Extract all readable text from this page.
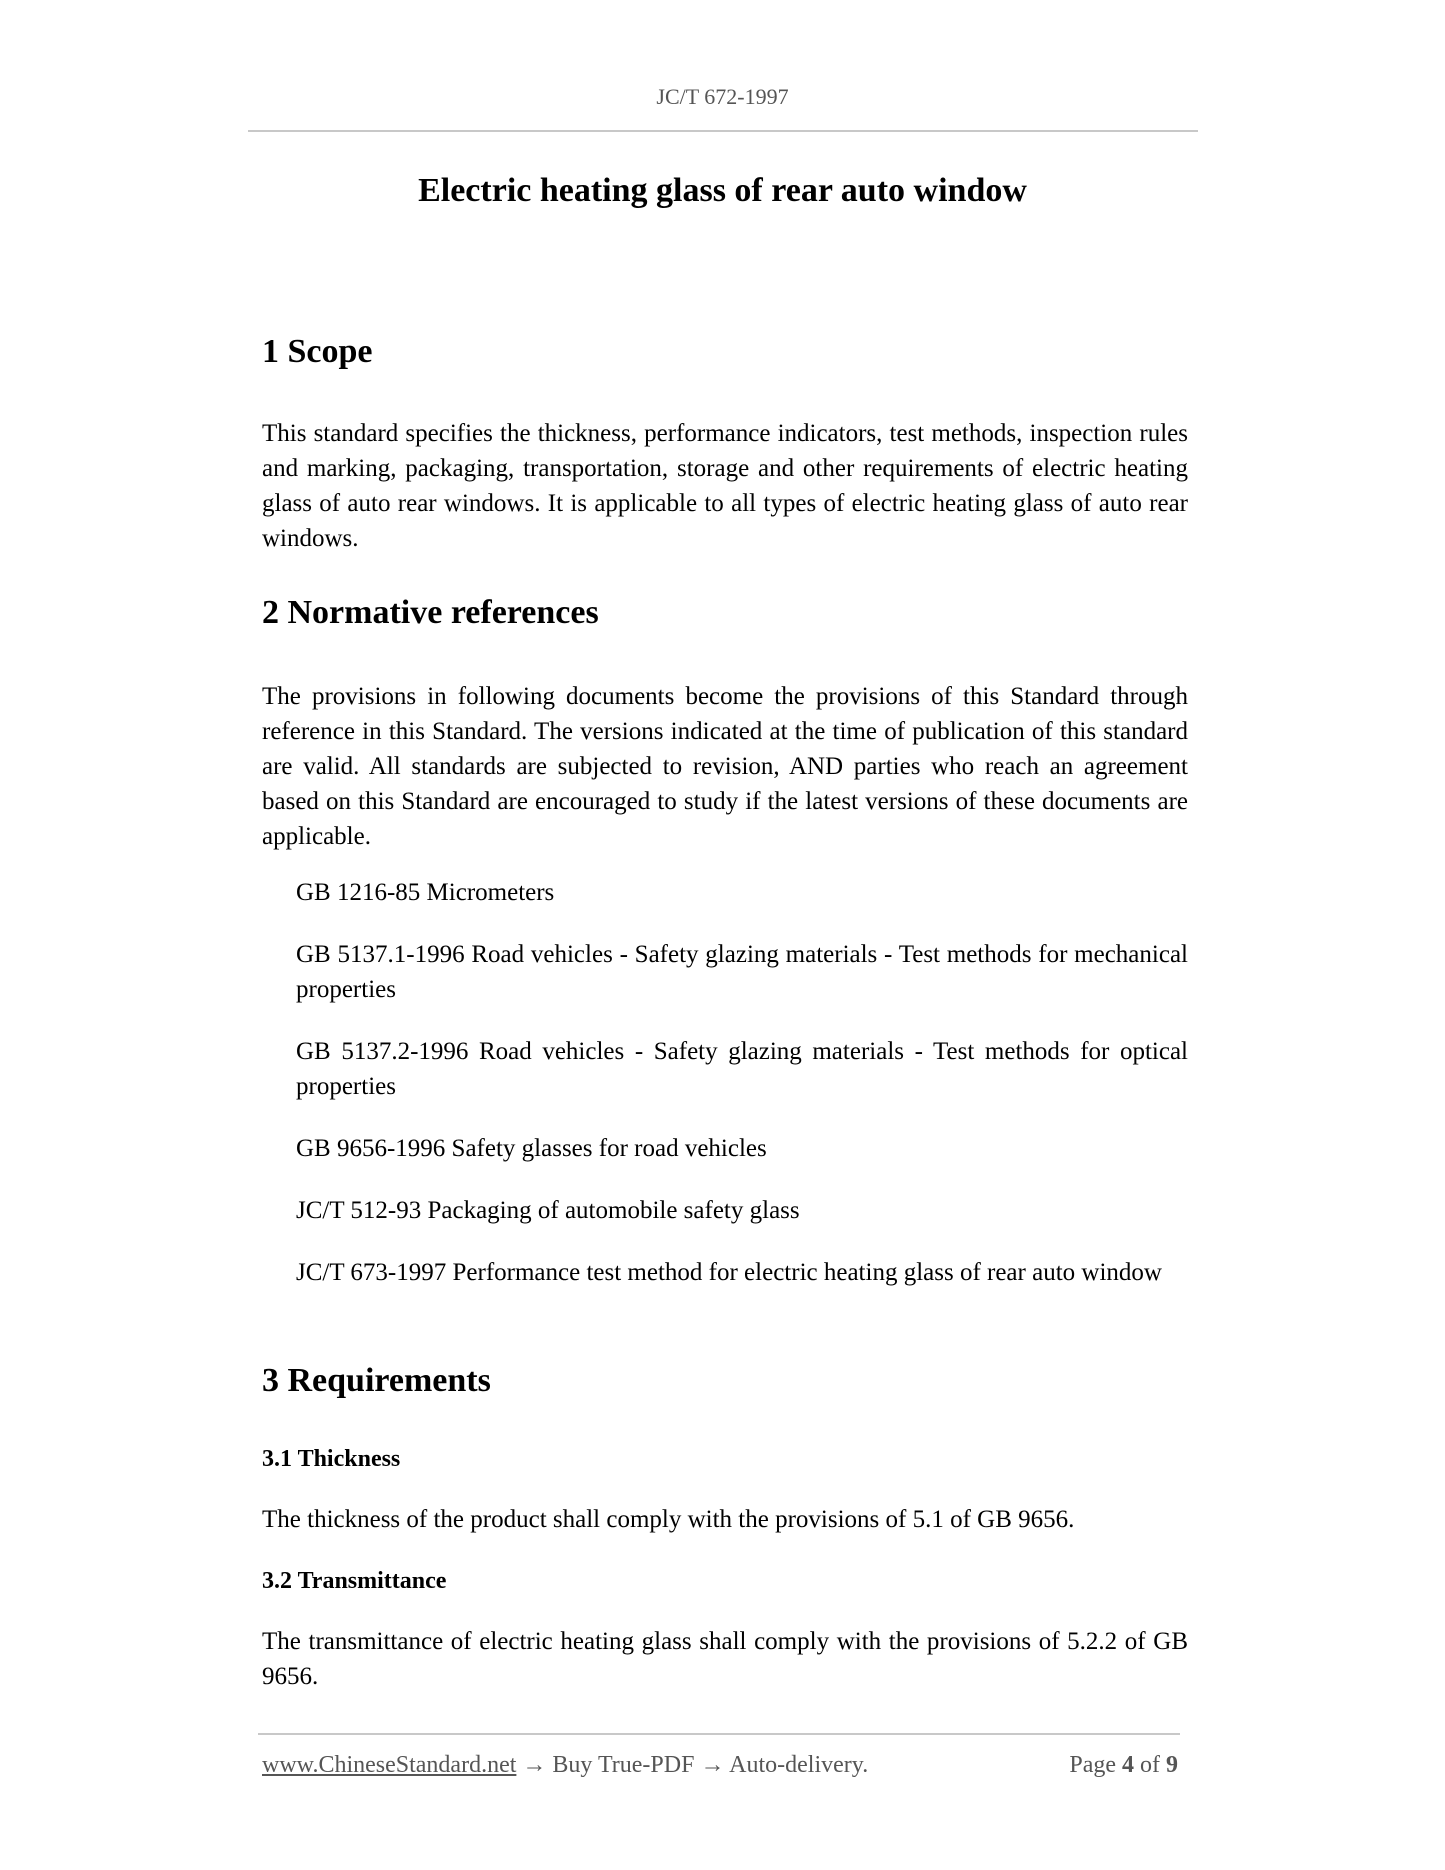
JC/T 672-1997
Electric heating glass of rear auto window
1 Scope

This standard specifies the thickness, performance indicators, test methods, inspection rules and marking, packaging, transportation, storage and other requirements of electric heating glass of auto rear windows. It is applicable to all types of electric heating glass of auto rear windows.

2 Normative references

The provisions in following documents become the provisions of this Standard through reference in this Standard. The versions indicated at the time of publication of this standard are valid. All standards are subjected to revision, AND parties who reach an agreement based on this Standard are encouraged to study if the latest versions of these documents are applicable.

GB 1216-85 Micrometers
GB 5137.1-1996 Road vehicles - Safety glazing materials - Test methods for mechanical properties
GB 5137.2-1996 Road vehicles - Safety glazing materials - Test methods for optical properties
GB 9656-1996 Safety glasses for road vehicles
JC/T 512-93 Packaging of automobile safety glass
JC/T 673-1997 Performance test method for electric heating glass of rear auto window
3 Requirements
3.1 Thickness

The thickness of the product shall comply with the provisions of 5.1 of GB 9656.

3.2 Transmittance

The transmittance of electric heating glass shall comply with the provisions of 5.2.2 of GB 9656.

www.ChineseStandard.net → Buy True-PDF → Auto-delivery.	Page 4 of 9
